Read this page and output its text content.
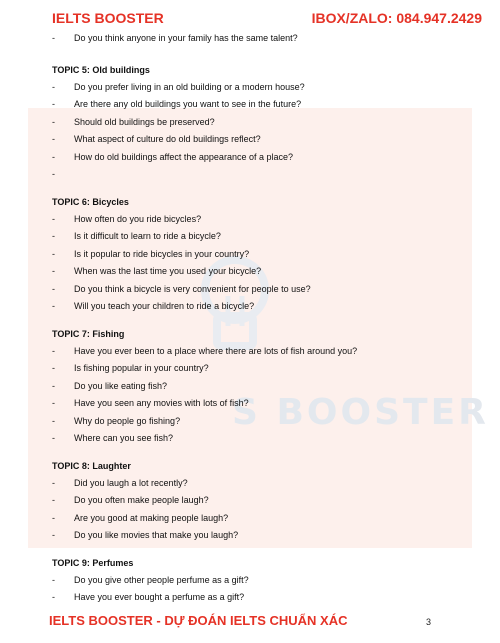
S BOOSTER
IELTS BOOSTER	IBOX/ZALO: 084.947.2429
- Do you think anyone in your family has the same talent?
TOPIC 5: Old buildings
- Do you prefer living in an old building or a modern house?
- Are there any old buildings you want to see in the future?
- Should old buildings be preserved?
- What aspect of culture do old buildings reflect?
- How do old buildings affect the appearance of a place?
-
TOPIC 6: Bicycles
- How often do you ride bicycles?
- Is it difficult to learn to ride a bicycle?
- Is it popular to ride bicycles in your country?
- When was the last time you used your bicycle?
- Do you think a bicycle is very convenient for people to use?
- Will you teach your children to ride a bicycle?
TOPIC 7: Fishing
- Have you ever been to a place where there are lots of fish around you?
- Is fishing popular in your country?
- Do you like eating fish?
- Have you seen any movies with lots of fish?
- Why do people go fishing?
- Where can you see fish?
TOPIC 8: Laughter
- Did you laugh a lot recently?
- Do you often make people laugh?
- Are you good at making people laugh?
- Do you like movies that make you laugh?
TOPIC 9: Perfumes
- Do you give other people perfume as a gift?
- Have you ever bought a perfume as a gift?
IELTS BOOSTER - DỰ ĐOÁN IELTS CHUẨN XÁC	3
